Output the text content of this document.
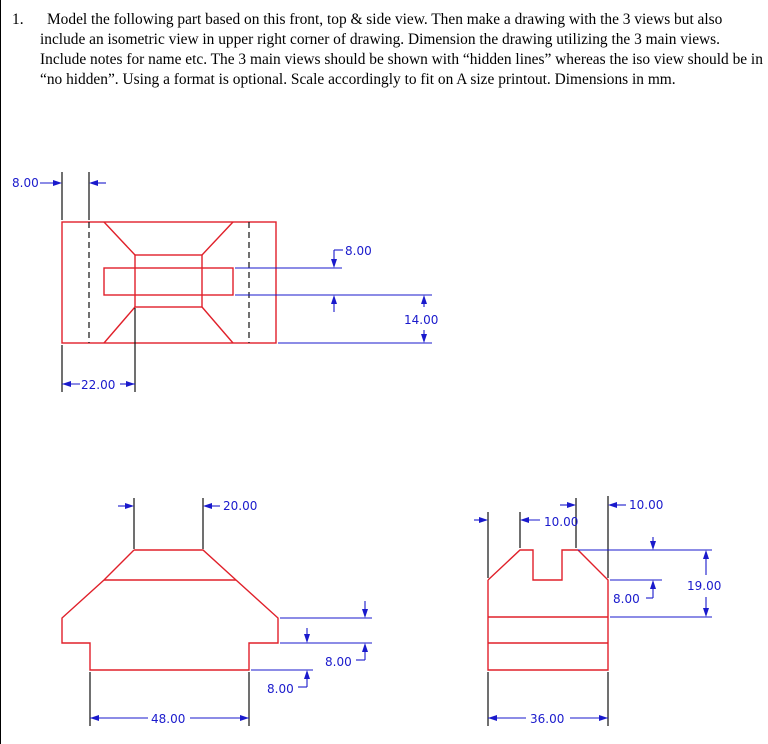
1.	Model the following part based on this front, top & side view. Then make a drawing with the 3 views but also include an isometric view in upper right corner of drawing. Dimension the drawing utilizing the 3 main views. Include notes for name etc. The 3 main views should be shown with “hidden lines” whereas the iso view should be in “no hidden”. Using a format is optional. Scale accordingly to fit on A size printout. Dimensions in mm.
8.00
22.00
8.00
14.00
20.00
8.00
8.00
48.00
10.00
10.00
8.00
19.00
36.00
